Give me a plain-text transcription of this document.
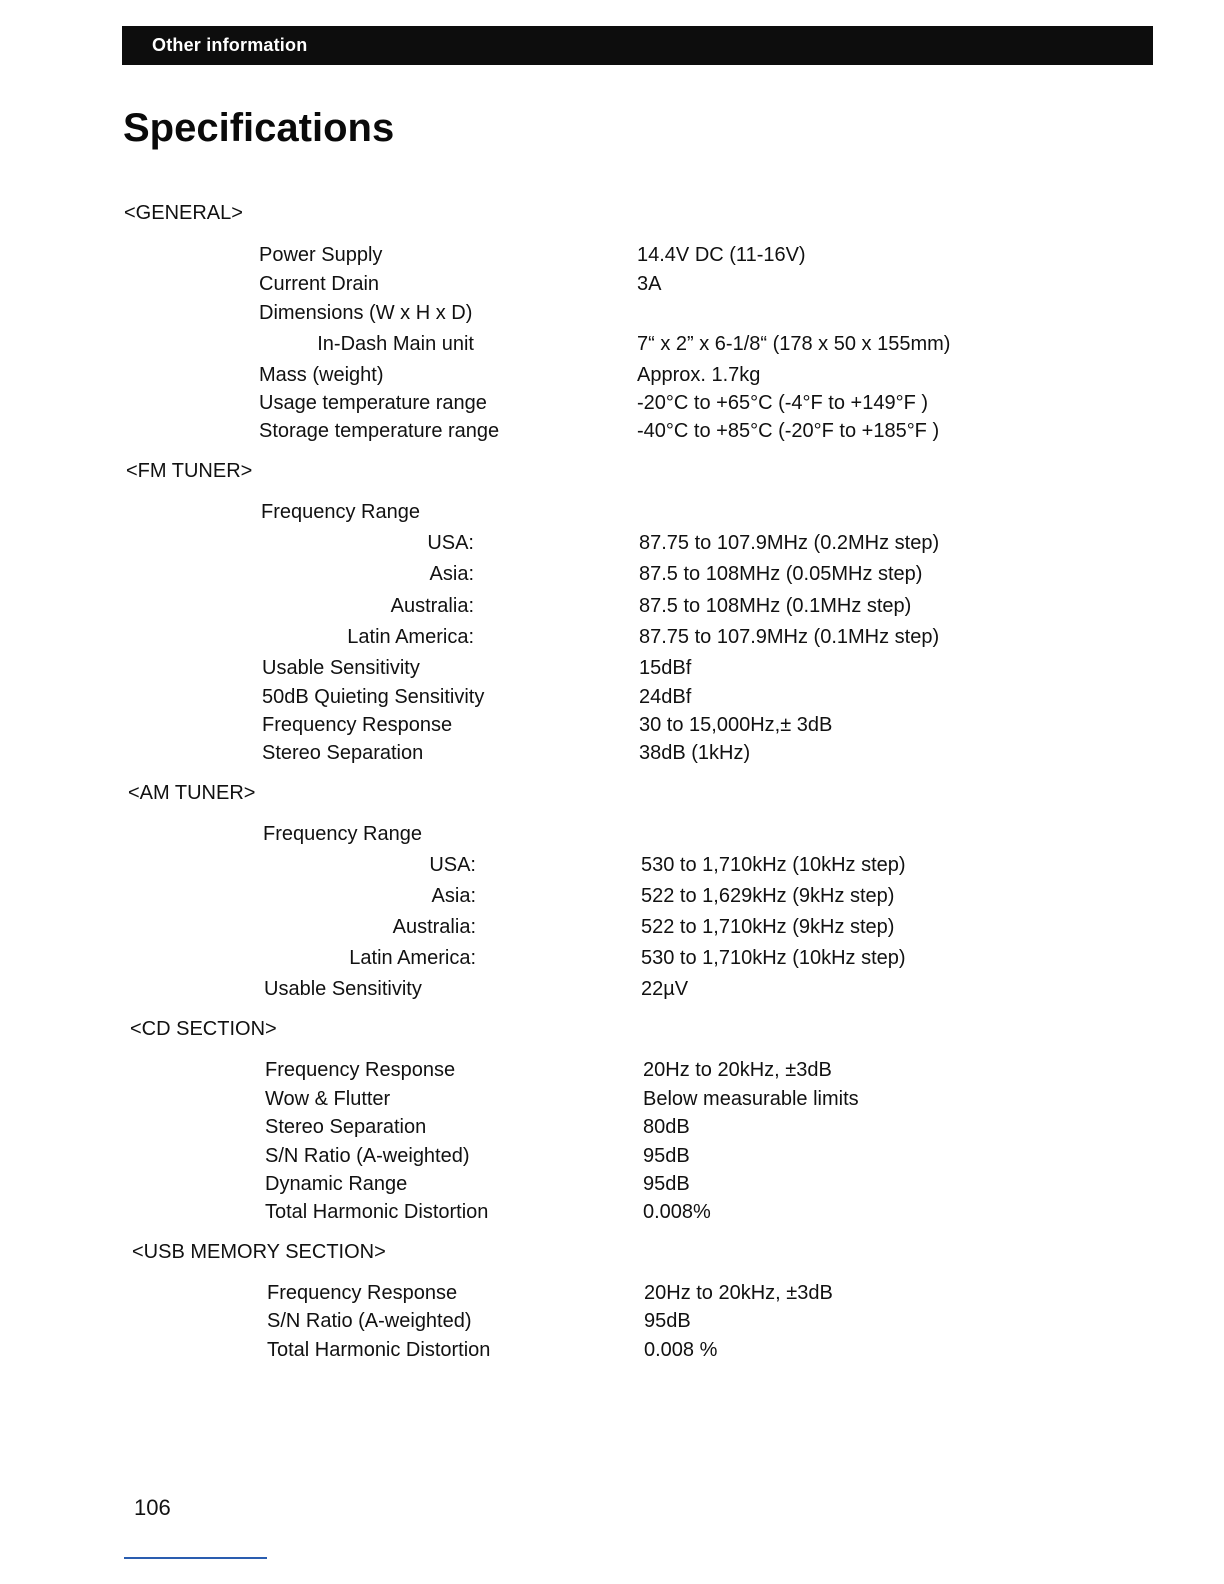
Other information
Specifications
<GENERAL>
Power Supply	14.4V DC (11-16V)
Current Drain	3A
Dimensions (W x H x D)
In-Dash Main unit	7“ x 2” x 6-1/8“ (178 x 50 x 155mm)
Mass (weight)	Approx. 1.7kg
Usage temperature range	-20°C to +65°C (-4°F to +149°F )
Storage temperature range	-40°C to +85°C (-20°F to +185°F )
<FM TUNER>
Frequency Range
USA:	87.75 to 107.9MHz (0.2MHz step)
Asia:	87.5 to 108MHz (0.05MHz step)
Australia:	87.5 to 108MHz (0.1MHz step)
Latin America:	87.75 to 107.9MHz (0.1MHz step)
Usable Sensitivity	15dBf
50dB Quieting Sensitivity	24dBf
Frequency Response	30 to 15,000Hz,± 3dB
Stereo Separation	38dB (1kHz)
<AM TUNER>
Frequency Range
USA:	530 to 1,710kHz (10kHz step)
Asia:	522 to 1,629kHz (9kHz step)
Australia:	522 to 1,710kHz (9kHz step)
Latin America:	530 to 1,710kHz (10kHz step)
Usable Sensitivity	22µV
<CD SECTION>
Frequency Response	20Hz to 20kHz, ±3dB
Wow & Flutter	Below measurable limits
Stereo Separation	80dB
S/N Ratio (A-weighted)	95dB
Dynamic Range	95dB
Total Harmonic Distortion	0.008%
<USB MEMORY SECTION>
Frequency Response	20Hz to 20kHz, ±3dB
S/N Ratio (A-weighted)	95dB
Total Harmonic Distortion	0.008 %
106
